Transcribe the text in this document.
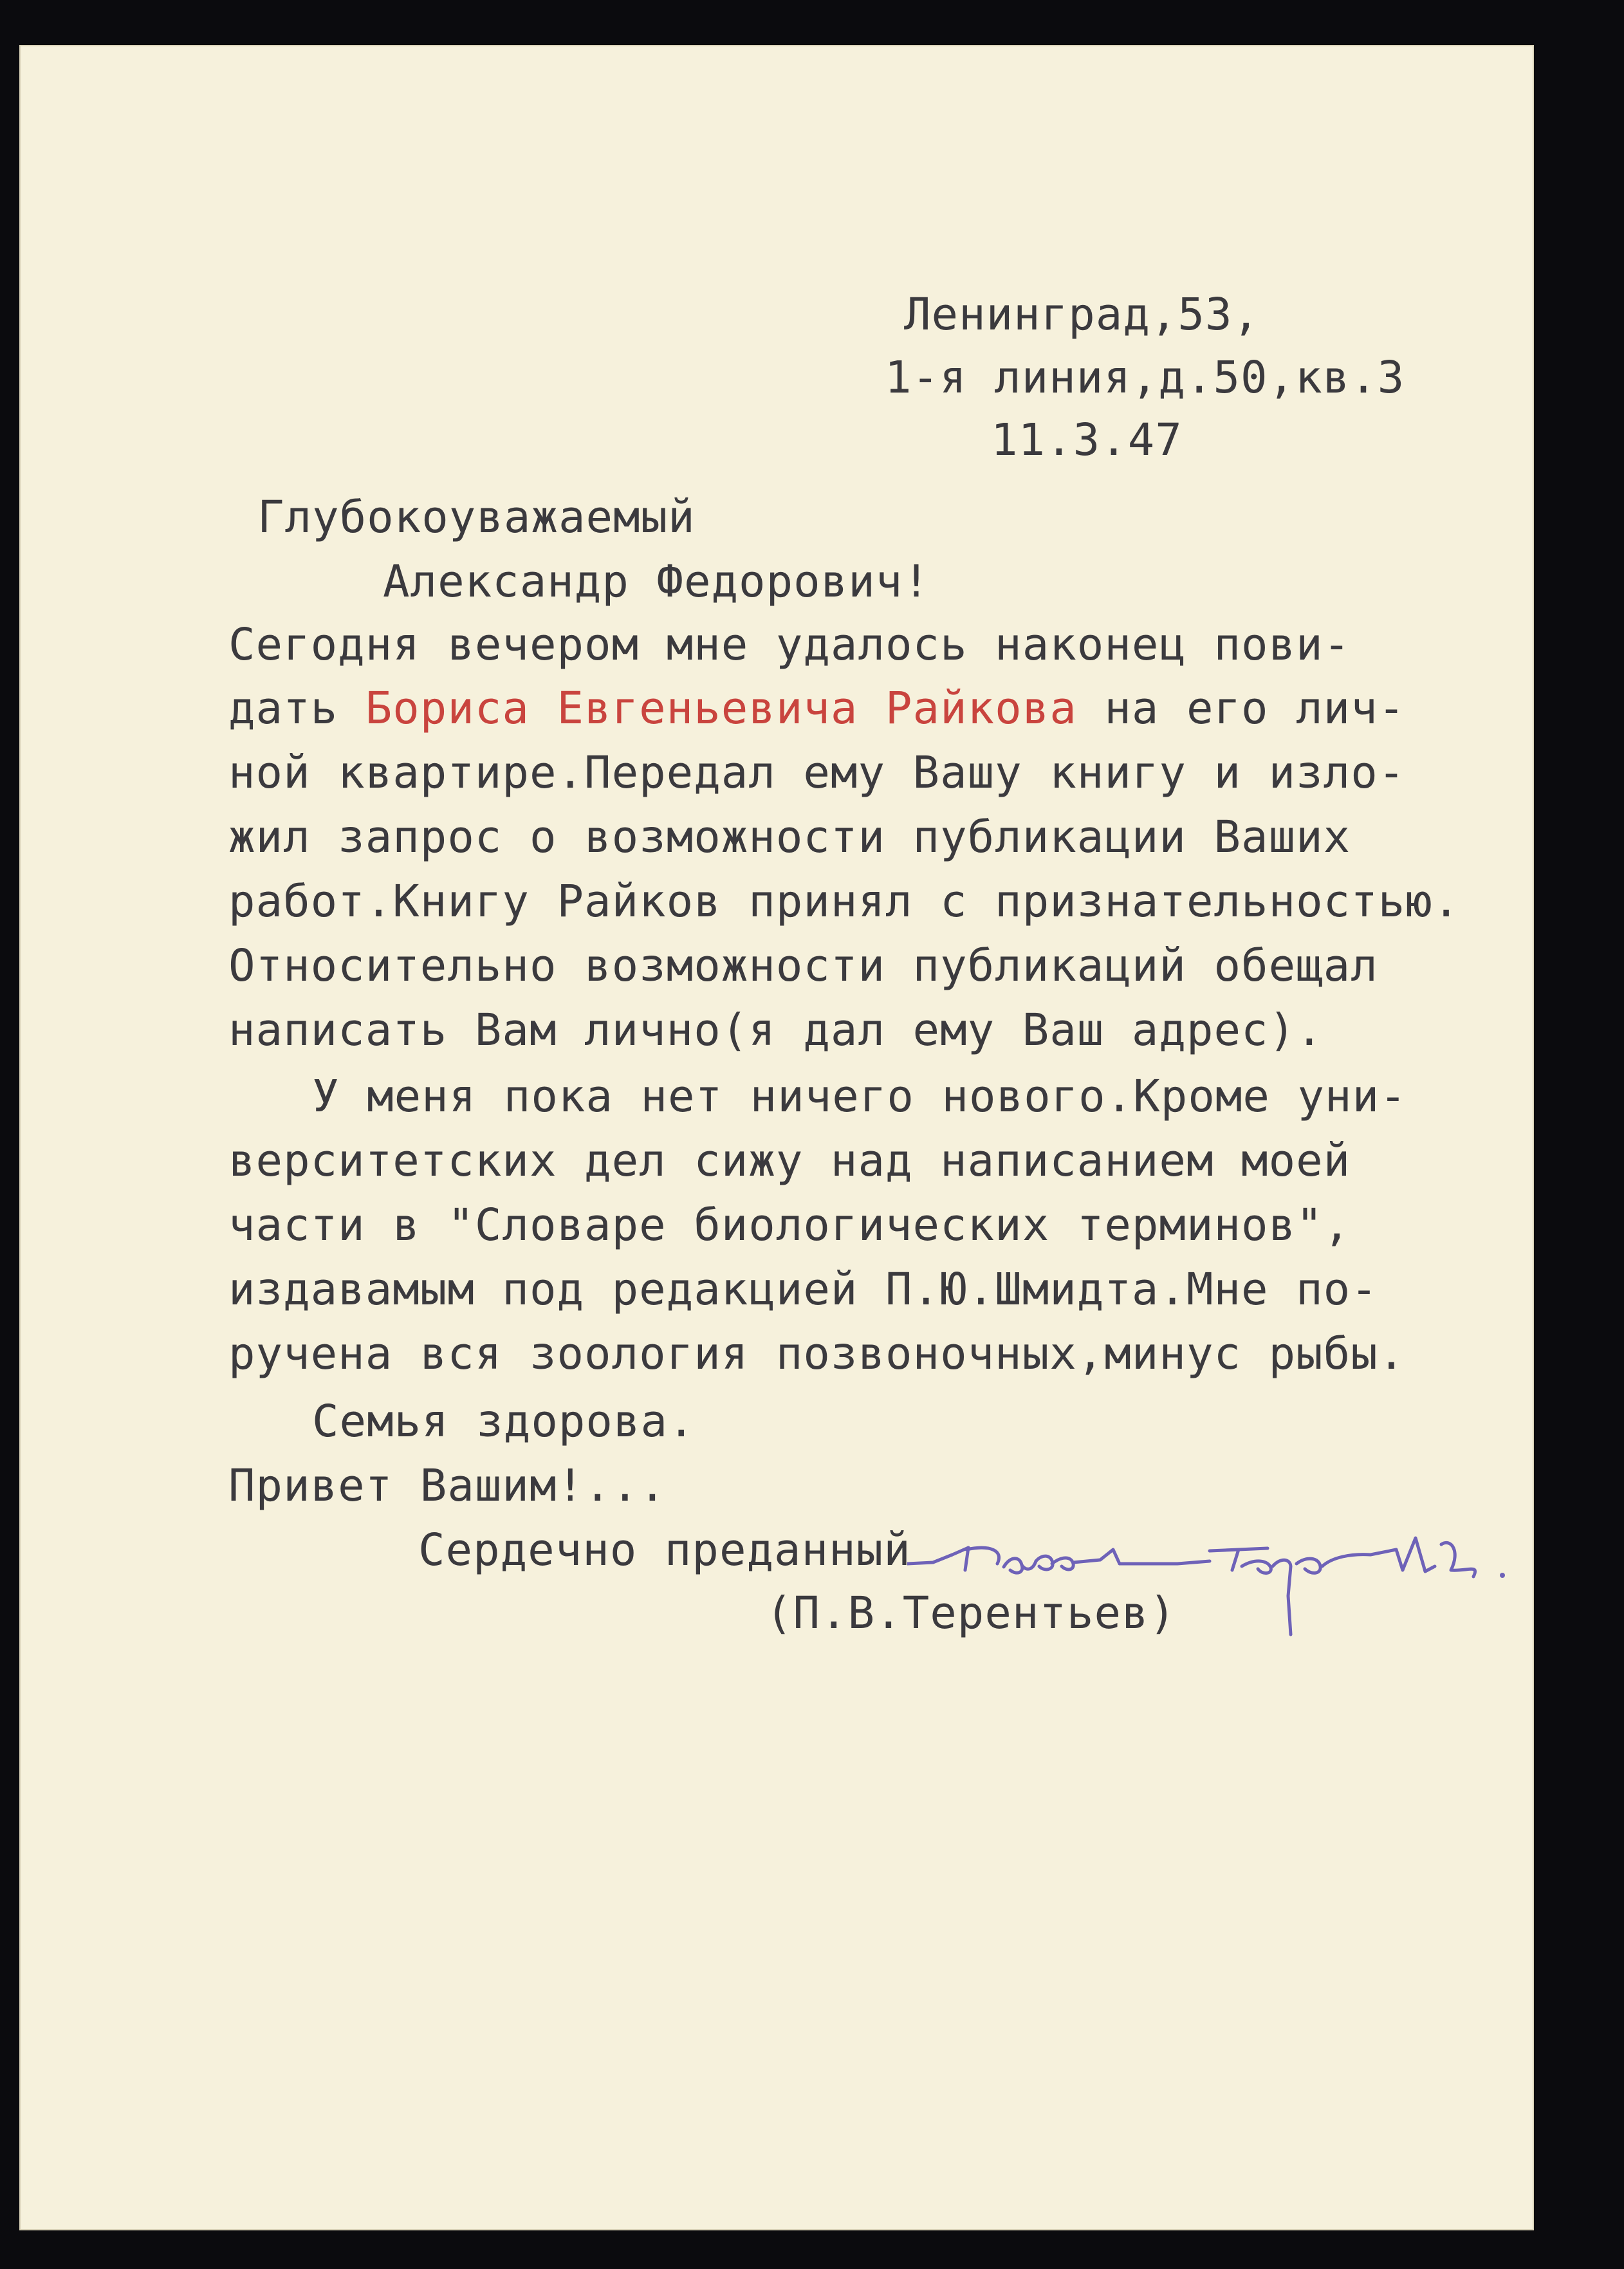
Ленинград,53,
1-я линия,д.50,кв.3
11.3.47
Глубокоуважаемый
Александр Федорович!
Сегодня вечером мне удалось наконец пови-
дать Бориса Евгеньевича Райкова на его лич-
ной квартире.Передал ему Вашу книгу и изло-
жил запрос о возможности публикации Ваших
работ.Книгу Райков принял с признательностью.
Относительно возможности публикаций обещал
написать Вам лично(я дал ему Ваш адрес).
У меня пока нет ничего нового.Кроме уни-
верситетских дел сижу над написанием моей
части в "Словаре биологических терминов",
издавамым под редакцией П.Ю.Шмидта.Мне по-
ручена вся зоология позвоночных,минус рыбы.
Семья здорова.
Привет Вашим!...
Сердечно преданный
(П.В.Терентьев)
